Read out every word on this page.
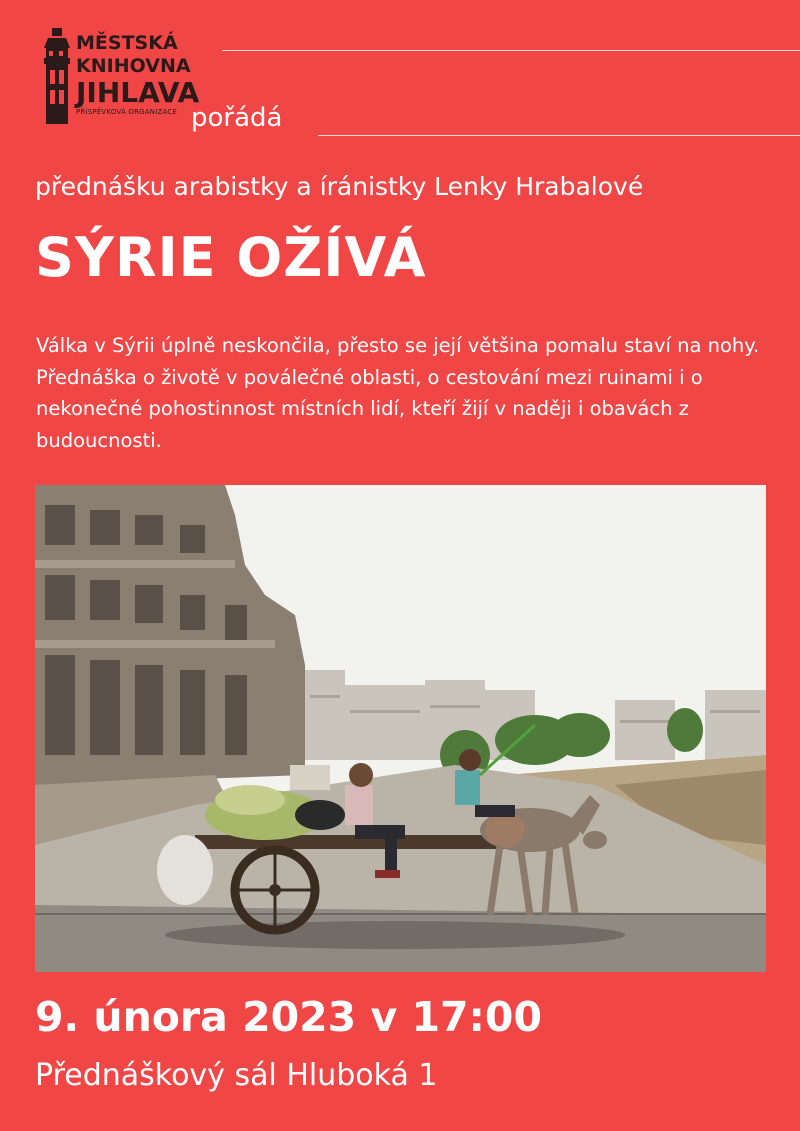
MĚSTSKÁ
KNIHOVNA
JIHLAVA
PŘÍSPĚVKOVÁ ORGANIZACE pořádá
přednášku arabistky a íránistky Lenky Hrabalové
SÝRIE OŽÍVÁ
Válka v Sýrii úplně neskončila, přesto se její většina pomalu staví na nohy. Přednáška o životě v poválečné oblasti, o cestování mezi ruinami i o nekonečné pohostinnost místních lidí, kteří žijí v naději i obavách z budoucnosti.
9. února 2023 v 17:00
Přednáškový sál Hluboká 1
